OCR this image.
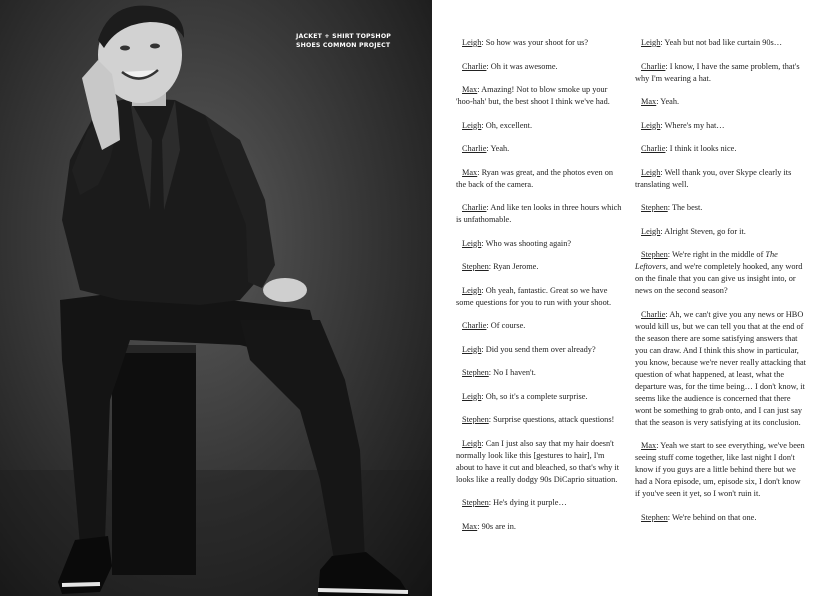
JACKET + SHIRT TOPSHOP
SHOES COMMON PROJECT	Leigh: So how was your shoot for us?

Charlie: Oh it was awesome.

Max: Amazing! Not to blow smoke up your 'hoo-hah' but, the best shoot I think we've had.

Leigh: Oh, excellent.

Charlie: Yeah.

Max: Ryan was great, and the photos even on the back of the camera.

Charlie: And like ten looks in three hours which is unfathomable.

Leigh: Who was shooting again?

Stephen: Ryan Jerome.

Leigh: Oh yeah, fantastic. Great so we have some questions for you to run with your shoot.

Charlie: Of course.

Leigh: Did you send them over already?

Stephen: No I haven't.

Leigh: Oh, so it's a complete surprise.

Stephen: Surprise questions, attack questions!

Leigh: Can I just also say that my hair doesn't normally look like this [gestures to hair], I'm about to have it cut and bleached, so that's why it looks like a really dodgy 90s DiCaprio situation.

Stephen: He's dying it purple…

Max: 90s are in.

Leigh: Yeah but not bad like curtain 90s…

Charlie: I know, I have the same problem, that's why I'm wearing a hat.

Max: Yeah.

Leigh: Where's my hat…

Charlie: I think it looks nice.

Leigh: Well thank you, over Skype clearly its translating well.

Stephen: The best.

Leigh: Alright Steven, go for it.

Stephen: We're right in the middle of The Leftovers, and we're completely hooked, any word on the finale that you can give us insight into, or news on the second season?

Charlie: Ah, we can't give you any news or HBO would kill us, but we can tell you that at the end of the season there are some satisfying answers that you can draw. And I think this show in particular, you know, because we're never really attacking that question of what happened, at least, what the departure was, for the time being… I don't know, it seems like the audience is concerned that there wont be something to grab onto, and I can just say that the season is very satisfying at its conclusion.

Max: Yeah we start to see everything, we've been seeing stuff come together, like last night I don't know if you guys are a little behind there but we had a Nora episode, um, episode six, I don't know if you've seen it yet, so I won't ruin it.

Stephen: We're behind on that one.
